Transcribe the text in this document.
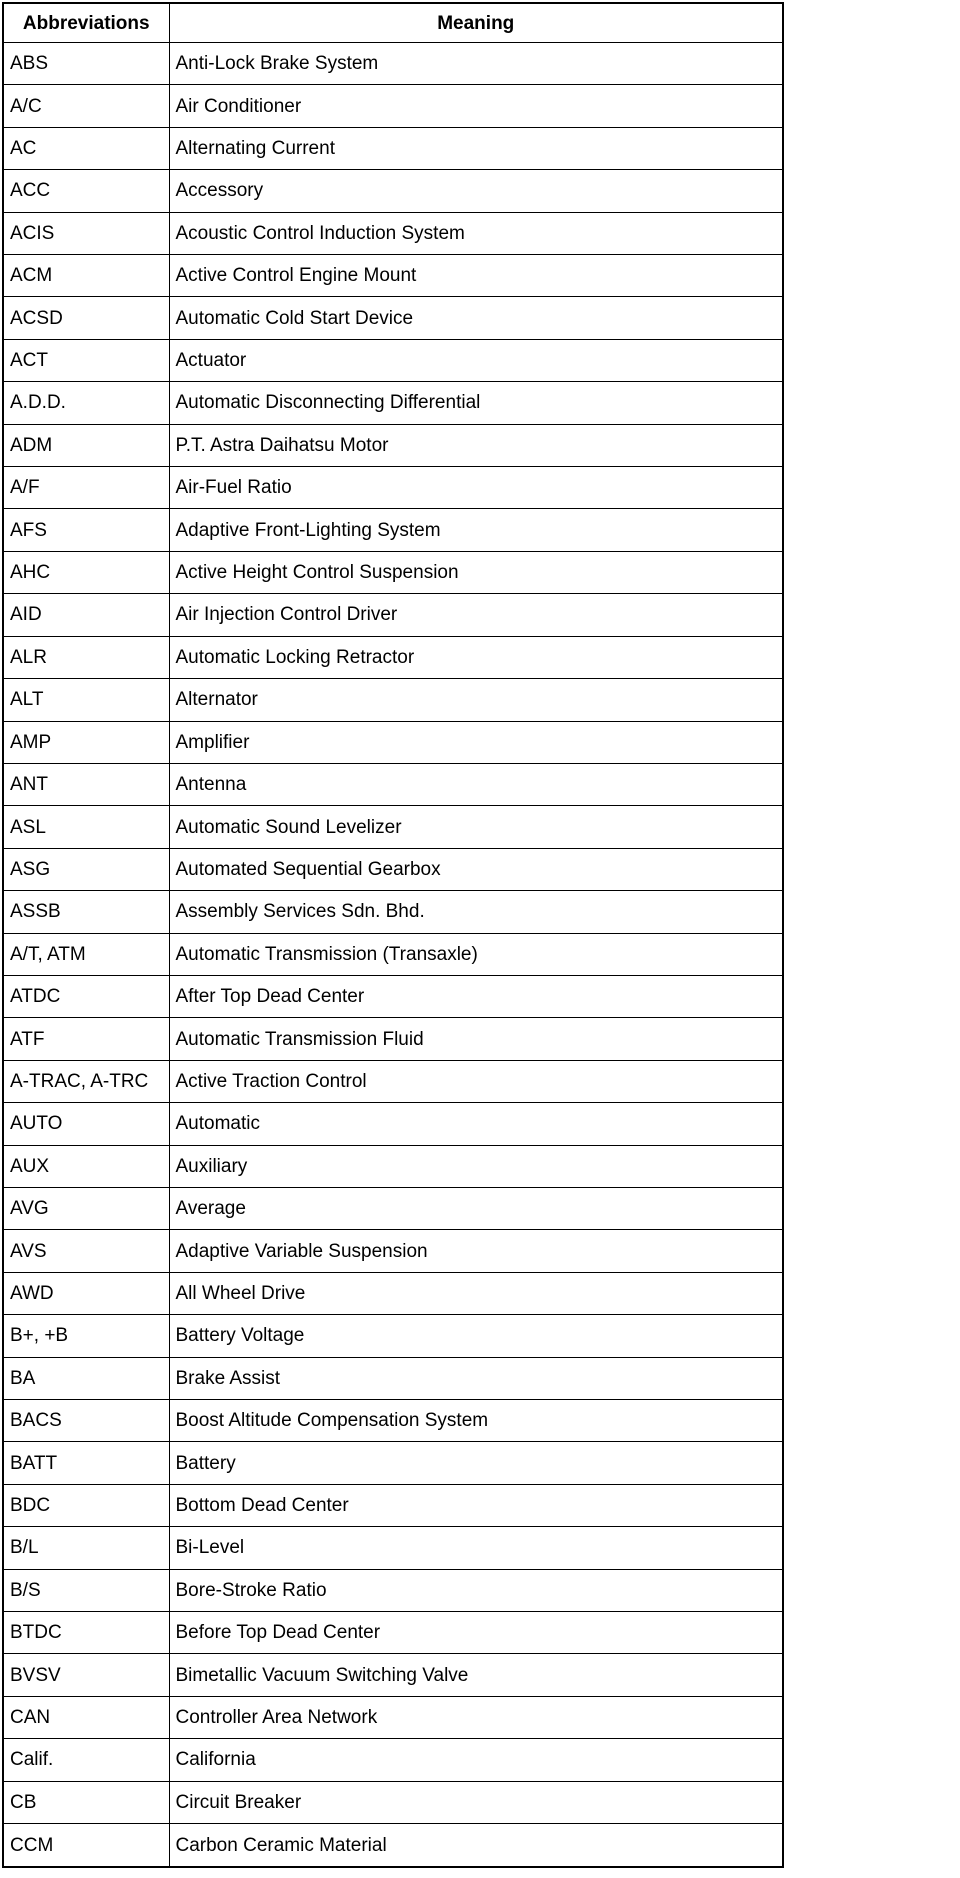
Abbreviations	Meaning
ABS	Anti-Lock Brake System
A/C	Air Conditioner
AC	Alternating Current
ACC	Accessory
ACIS	Acoustic Control Induction System
ACM	Active Control Engine Mount
ACSD	Automatic Cold Start Device
ACT	Actuator
A.D.D.	Automatic Disconnecting Differential
ADM	P.T. Astra Daihatsu Motor
A/F	Air-Fuel Ratio
AFS	Adaptive Front-Lighting System
AHC	Active Height Control Suspension
AID	Air Injection Control Driver
ALR	Automatic Locking Retractor
ALT	Alternator
AMP	Amplifier
ANT	Antenna
ASL	Automatic Sound Levelizer
ASG	Automated Sequential Gearbox
ASSB	Assembly Services Sdn. Bhd.
A/T, ATM	Automatic Transmission (Transaxle)
ATDC	After Top Dead Center
ATF	Automatic Transmission Fluid
A-TRAC, A-TRC	Active Traction Control
AUTO	Automatic
AUX	Auxiliary
AVG	Average
AVS	Adaptive Variable Suspension
AWD	All Wheel Drive
B+, +B	Battery Voltage
BA	Brake Assist
BACS	Boost Altitude Compensation System
BATT	Battery
BDC	Bottom Dead Center
B/L	Bi-Level
B/S	Bore-Stroke Ratio
BTDC	Before Top Dead Center
BVSV	Bimetallic Vacuum Switching Valve
CAN	Controller Area Network
Calif.	California
CB	Circuit Breaker
CCM	Carbon Ceramic Material
